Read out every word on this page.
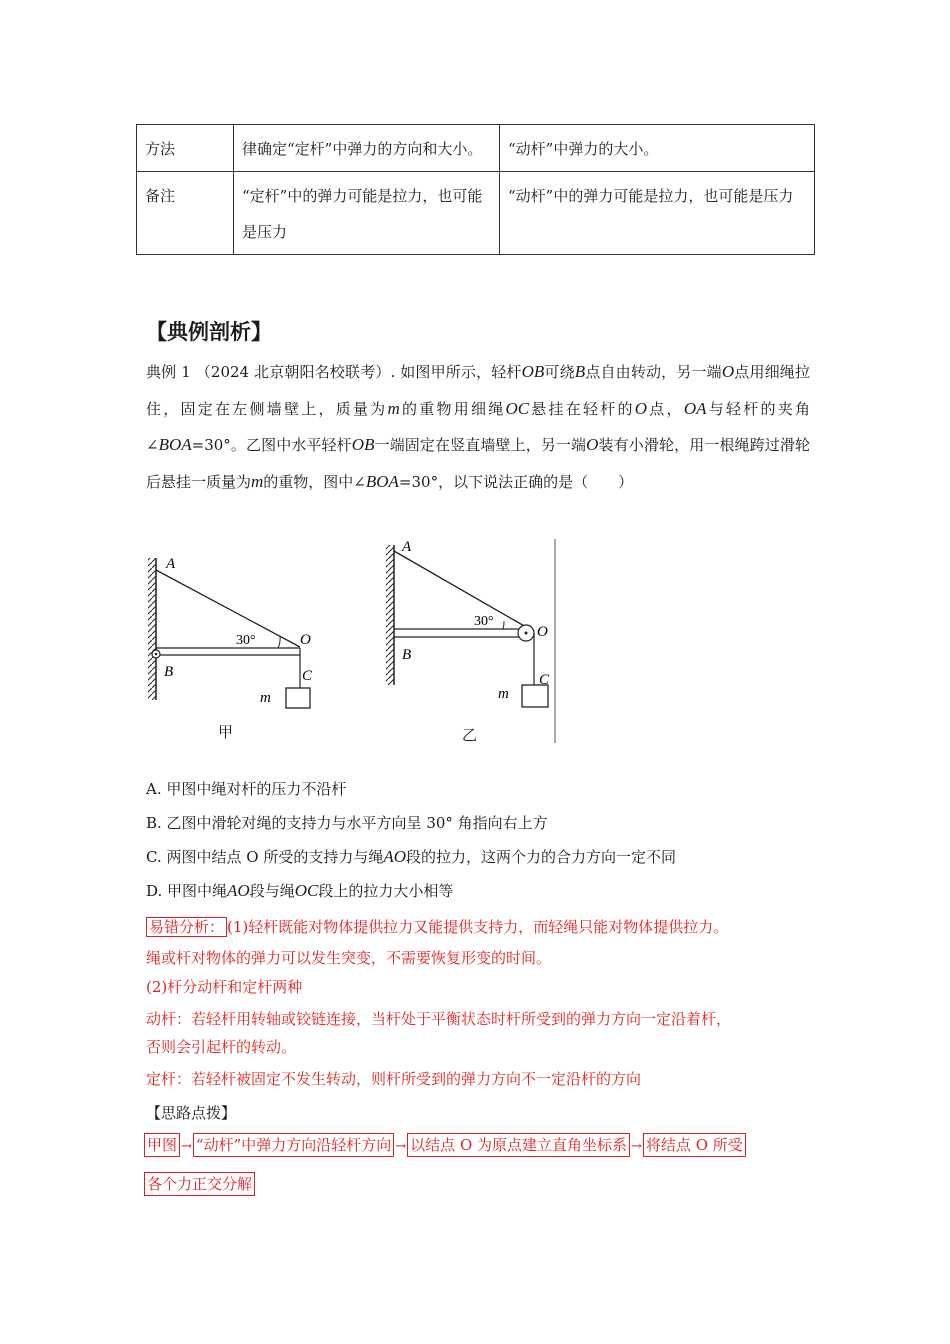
方法	律确定“定杆”中弹力的方向和大小。	“动杆”中弹力的大小。
备注	“定杆”中的弹力可能是拉力，也可能是压力	“动杆”中的弹力可能是拉力，也可能是压力
【典例剖析】
典例 1 （2024 北京朝阳名校联考）. 如图甲所示，轻杆OB可绕B点自由转动，另一端O点用细绳拉住，固定在左侧墙壁上，质量为m的重物用细绳OC悬挂在轻杆的O点，OA与轻杆的夹角∠BOA=30°。乙图中水平轻杆OB一端固定在竖直墙壁上，另一端O装有小滑轮，用一根绳跨过滑轮后悬挂一质量为m的重物，图中∠BOA=30°，以下说法正确的是（　　）
A
B
O
C
m
30°
甲
A
B
O
C
m
30°
乙
A. 甲图中绳对杆的压力不沿杆
B. 乙图中滑轮对绳的支持力与水平方向呈 30° 角指向右上方
C. 两图中结点 O 所受的支持力与绳AO段的拉力，这两个力的合力方向一定不同
D. 甲图中绳AO段与绳OC段上的拉力大小相等
易错分析： (1)轻杆既能对物体提供拉力又能提供支持力，而轻绳只能对物体提供拉力。
绳或杆对物体的弹力可以发生突变，不需要恢复形变的时间。
(2)杆分动杆和定杆两种
动杆：若轻杆用转轴或铰链连接，当杆处于平衡状态时杆所受到的弹力方向一定沿着杆，
否则会引起杆的转动。
定杆：若轻杆被固定不发生转动，则杆所受到的弹力方向不一定沿杆的方向
【思路点拨】
甲图 → “动杆”中弹力方向沿轻杆方向 → 以结点 O 为原点建立直角坐标系 → 将结点 O 所受
各个力正交分解
